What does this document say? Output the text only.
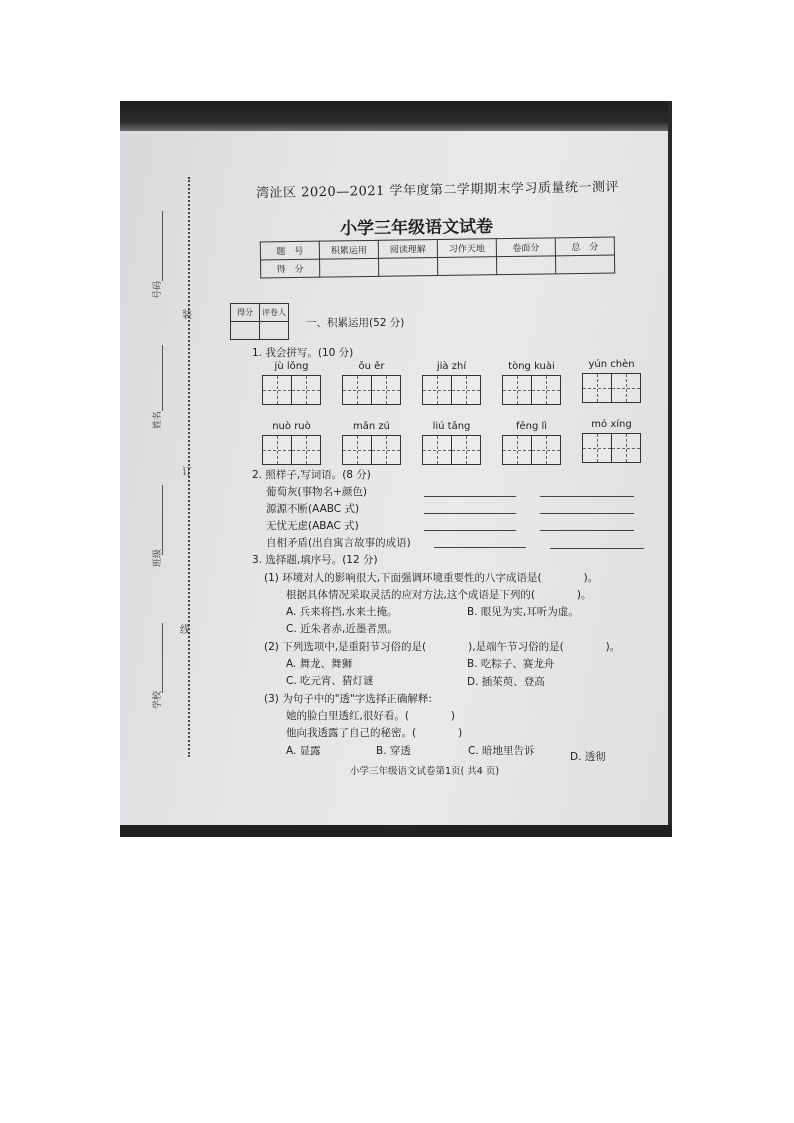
装
订
线
号码
姓名
班级
学校
湾沚区 2020—2021 学年度第二学期期末学习质量统一测评
小学三年级语文试卷
题　号	积累运用	阅读理解	习作天地	卷面分	总　分
得　分					
得分	评卷人

一、积累运用(52 分)
1. 我会拼写。(10 分)
jù lǒng	ǒu ěr	jià zhí	tòng kuài	yún chèn
nuò ruò	mǎn zú	liú tǎng	fēng lì	mó xíng
2. 照样子,写词语。(8 分)
葡萄灰(事物名+颜色)
源源不断(AABC 式)
无忧无虑(ABAC 式)
自相矛盾(出自寓言故事的成语)
3. 选择题,填序号。(12 分)
(1) 环境对人的影响很大,下面强调环境重要性的八字成语是(　　　　)。
根据具体情况采取灵活的应对方法,这个成语是下列的(　　　　)。
A. 兵来将挡,水来土掩。	B. 眼见为实,耳听为虚。
C. 近朱者赤,近墨者黑。
(2) 下列选项中,是重阳节习俗的是(　　　　),是端午节习俗的是(　　　　)。
A. 舞龙、舞狮	B. 吃粽子、赛龙舟
C. 吃元宵、猜灯谜	D. 插茱萸、登高
(3) 为句子中的"透"字选择正确解释:
她的脸白里透红,很好看。(　　　　)
他向我透露了自己的秘密。(　　　　)
A. 显露	B. 穿透	C. 暗地里告诉	D. 透彻
小学三年级语文试卷第1页( 共4 页)
